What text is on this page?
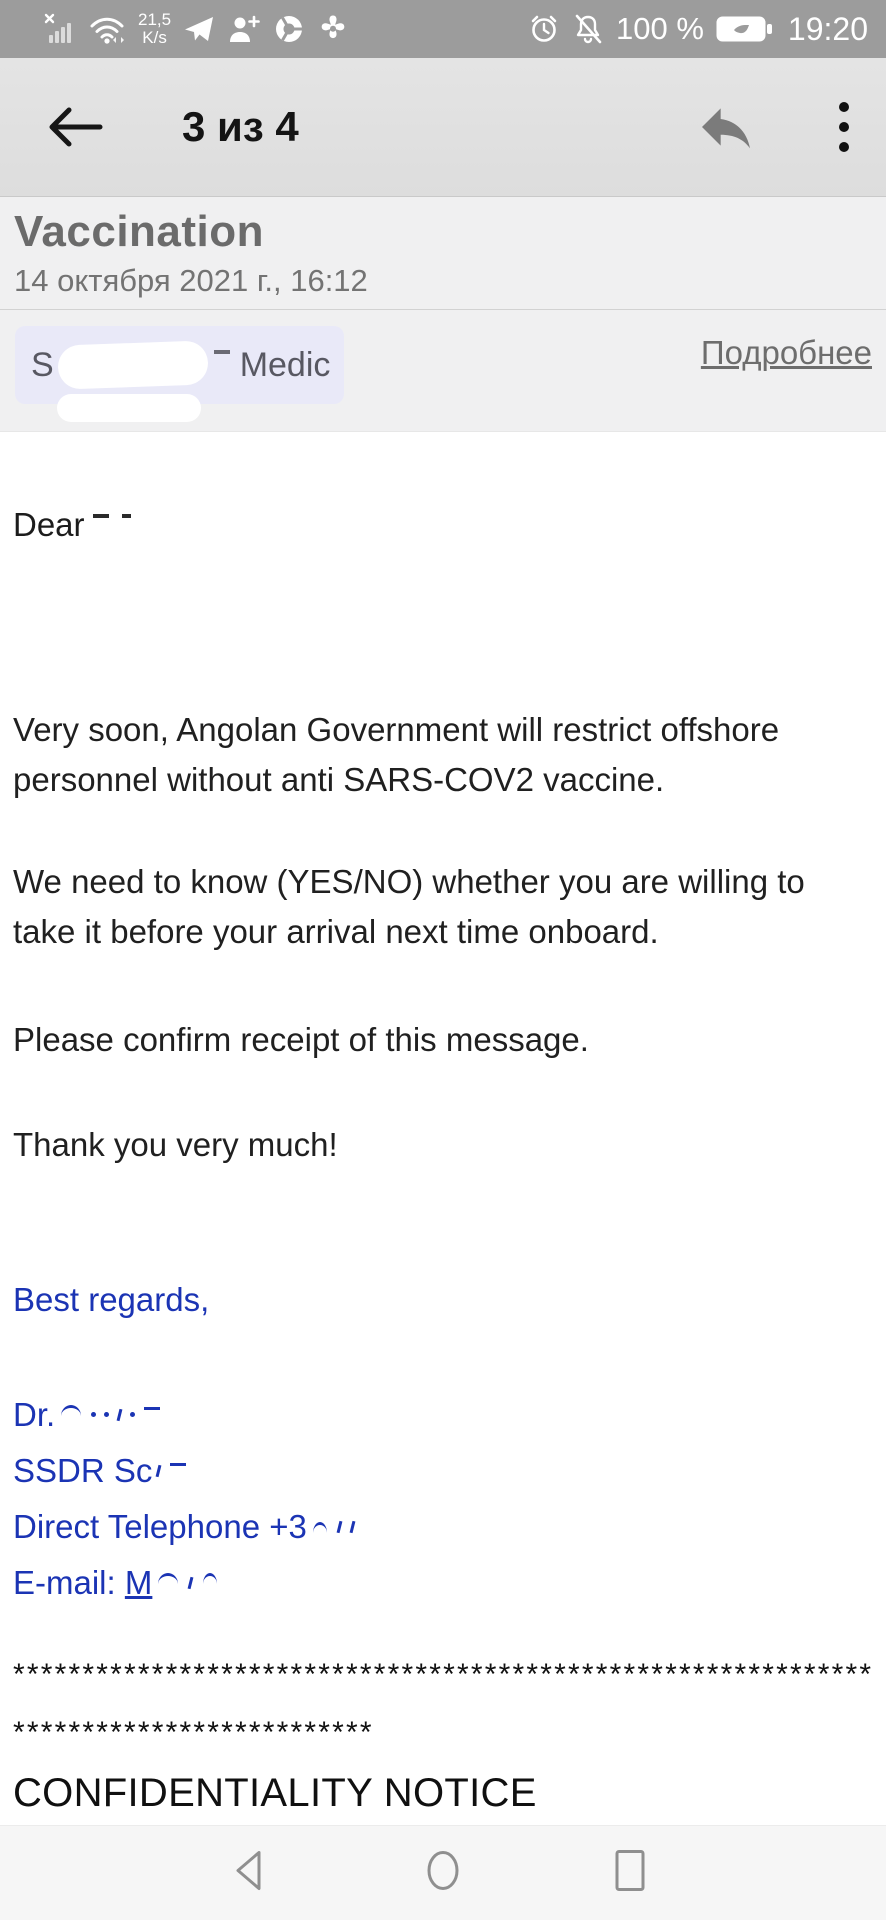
21,5
K/s	100 %	19:20
3 из 4
Vaccination
14 октября 2021 г., 16:12
S	Medic	Подробнее
Dear

Very soon, Angolan Government will restrict offshore personnel without anti SARS-COV2 vaccine.

We need to know (YES/NO) whether you are willing to take it before your arrival next time onboard.

Please confirm receipt of this message.

Thank you very much!

Best regards,
Dr.
SSDR Sc
Direct Telephone +3
E-mail: M
**************************************************************
**************************
CONFIDENTIALITY NOTICE
